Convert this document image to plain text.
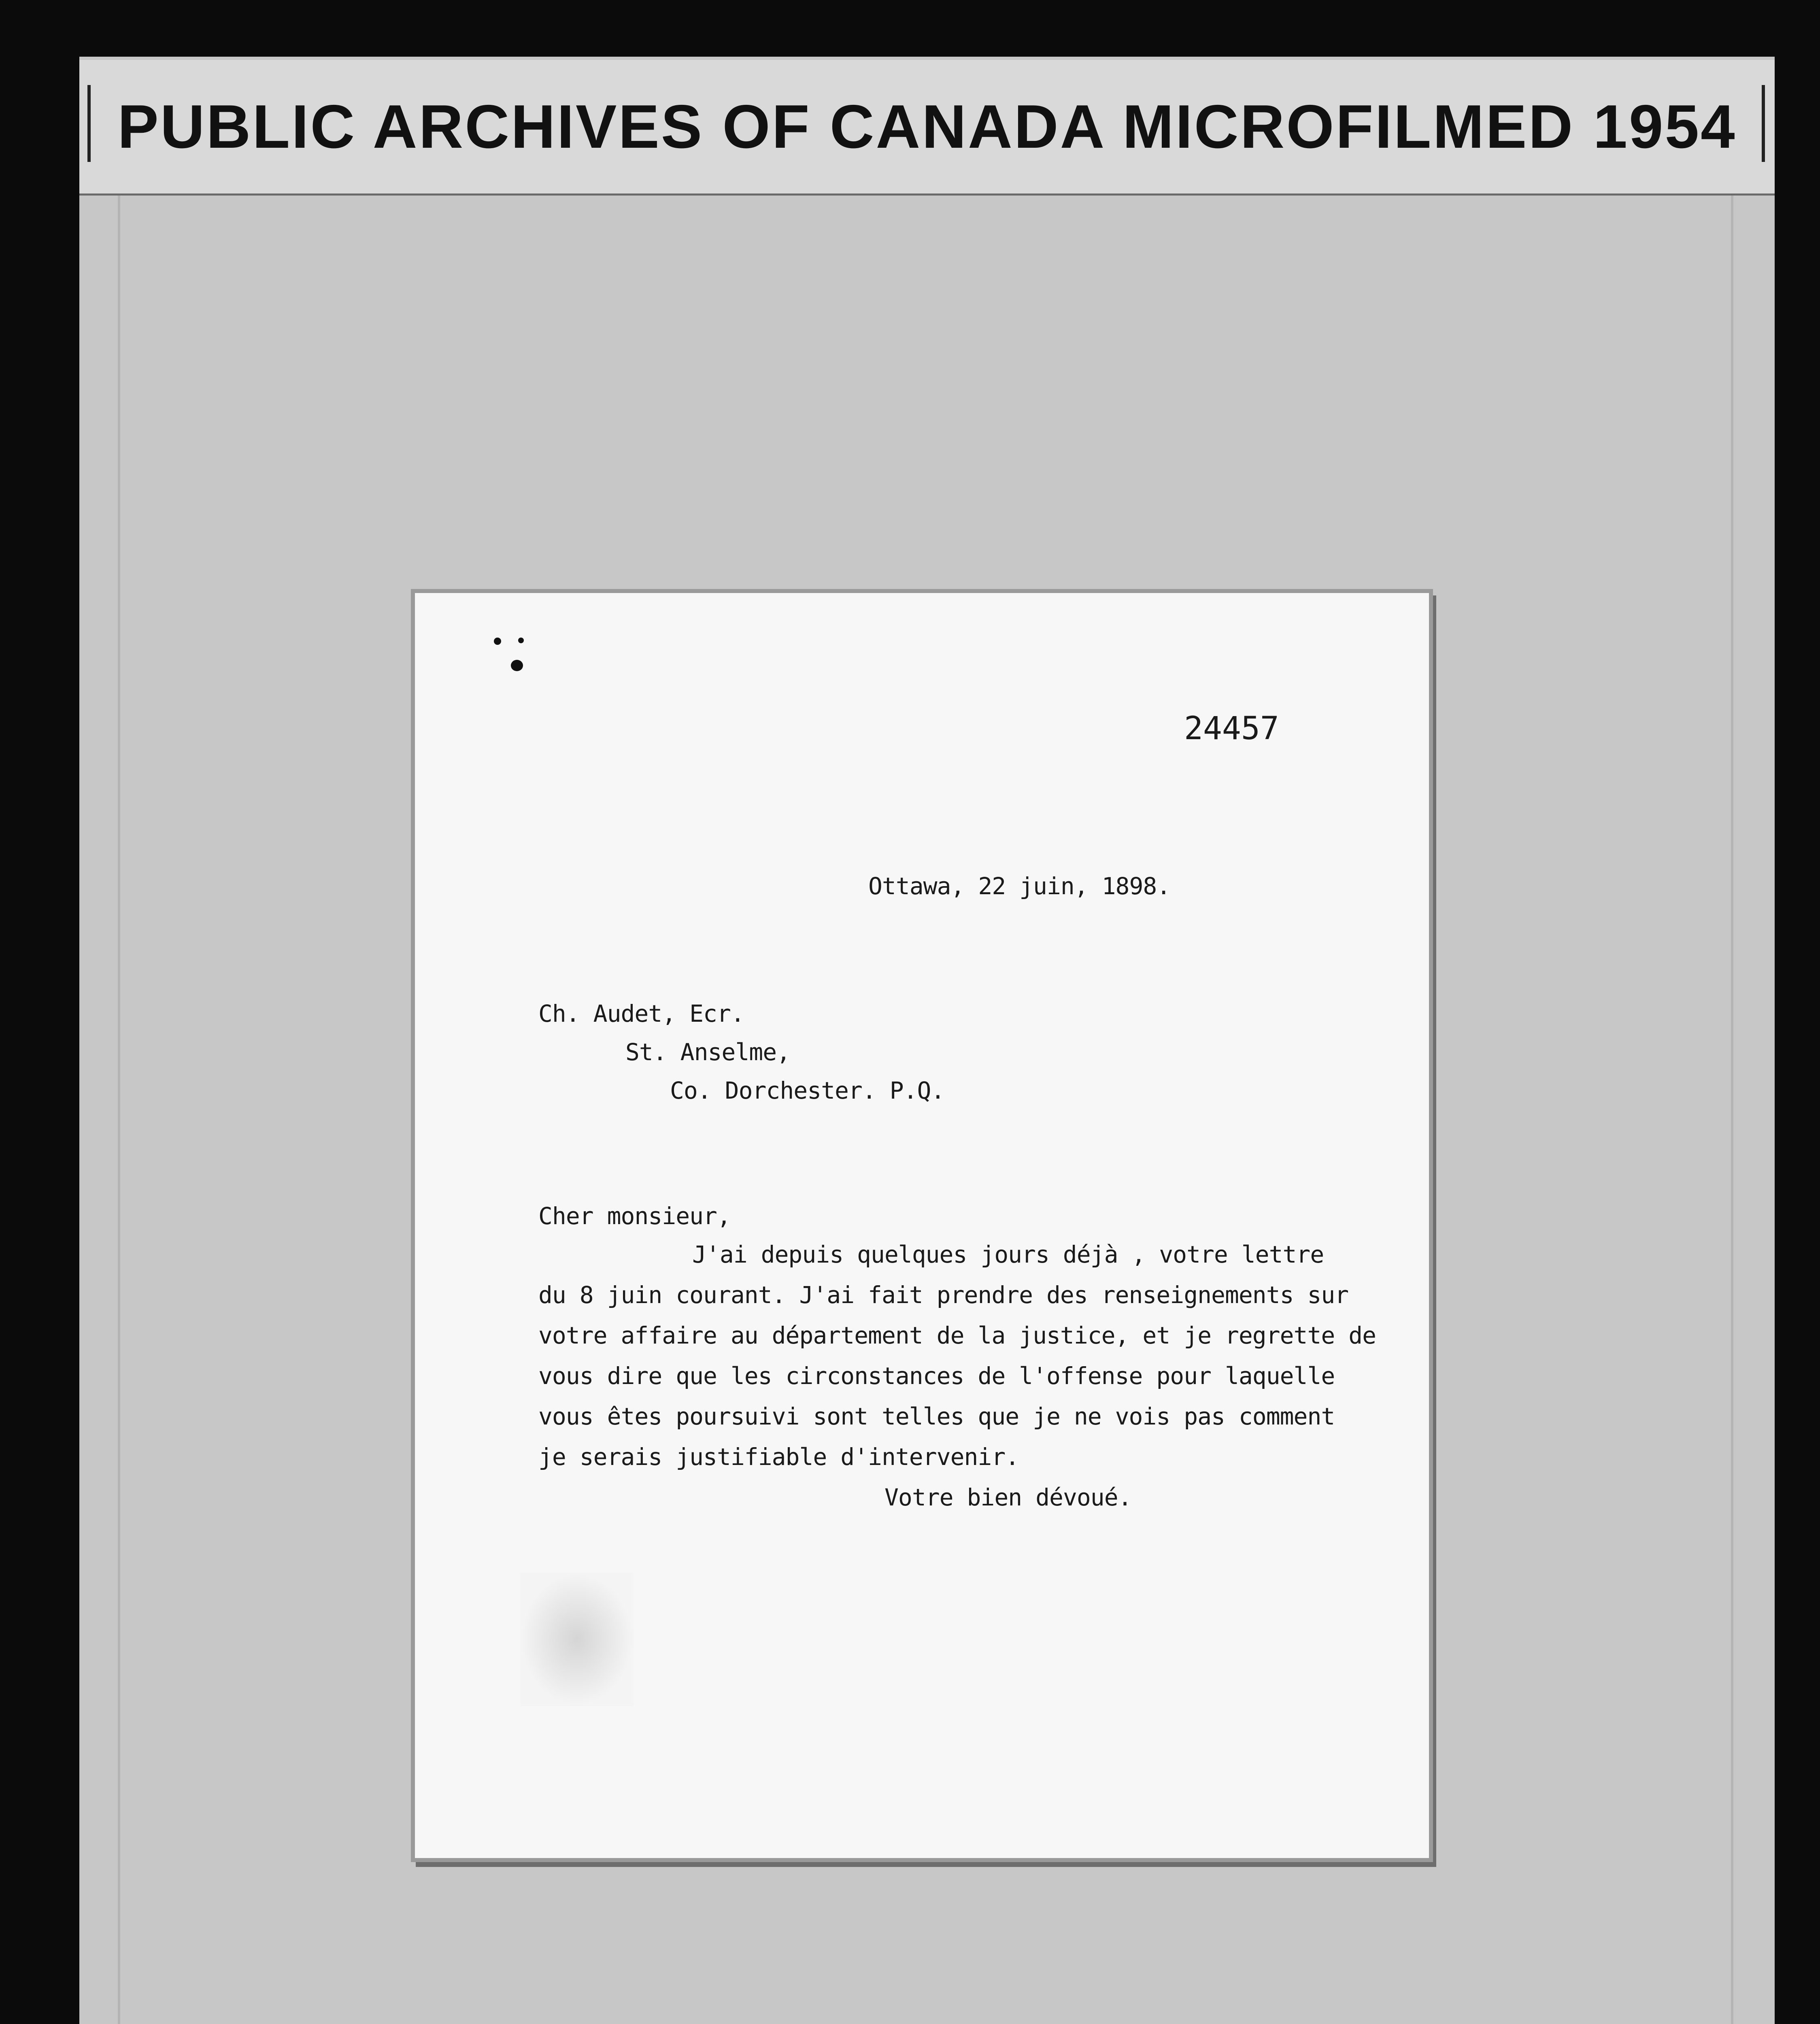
PUBLIC ARCHIVES OF CANADA MICROFILMED 1954

24457

Ottawa, 22 juin, 1898.

Ch. Audet, Ecr.

St. Anselme,

Co. Dorchester. P.Q.

Cher monsieur,

J'ai depuis quelques jours déjà , votre lettre

du 8 juin courant. J'ai fait prendre des renseignements sur

votre affaire au département de la justice, et je regrette de

vous dire que les circonstances de l'offense pour laquelle

vous êtes poursuivi sont telles que je ne vois pas comment

je serais justifiable d'intervenir.

Votre bien dévoué.
